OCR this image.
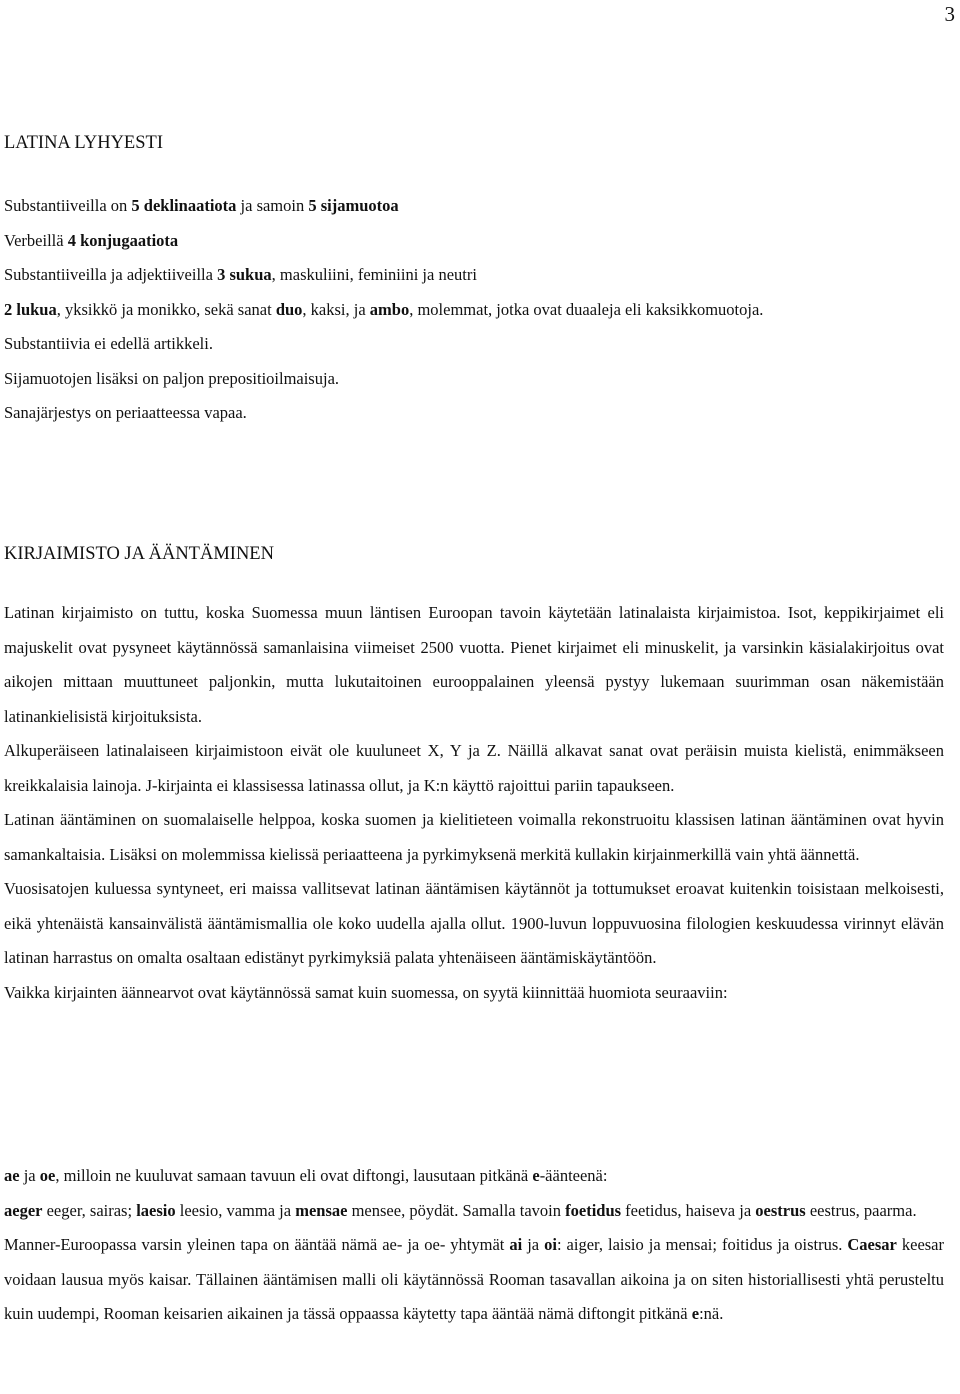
3

LATINA LYHYESTI

Substantiiveilla on 5 deklinaatiota ja samoin 5 sijamuotoa

Verbeillä 4 konjugaatiota

Substantiiveilla ja adjektiiveilla 3 sukua, maskuliini, feminiini ja neutri

2 lukua, yksikkö ja monikko, sekä sanat duo, kaksi, ja ambo, molemmat, jotka ovat duaaleja eli kaksikkomuotoja.

Substantiivia ei edellä artikkeli.

Sijamuotojen lisäksi on paljon prepositioilmaisuja.

Sanajärjestys on periaatteessa vapaa.

KIRJAIMISTO JA ÄÄNTÄMINEN

Latinan kirjaimisto on tuttu, koska Suomessa muun läntisen Euroopan tavoin käytetään latinalaista kirjaimistoa. Isot, keppikirjaimet eli majuskelit ovat pysyneet käytännössä samanlaisina viimeiset 2500 vuotta. Pienet kirjaimet eli minuskelit, ja varsinkin käsialakirjoitus ovat aikojen mittaan muuttuneet paljonkin, mutta lukutaitoinen eurooppalainen yleensä pystyy lukemaan suurimman osan näkemistään latinankielisistä kirjoituksista.

Alkuperäiseen latinalaiseen kirjaimistoon eivät ole kuuluneet X, Y ja Z. Näillä alkavat sanat ovat peräisin muista kielistä, enimmäkseen kreikkalaisia lainoja. J-kirjainta ei klassisessa latinassa ollut, ja K:n käyttö rajoittui pariin tapaukseen.

Latinan ääntäminen on suomalaiselle helppoa, koska suomen ja kielitieteen voimalla rekonstruoitu klassisen latinan ääntäminen ovat hyvin samankaltaisia. Lisäksi on molemmissa kielissä periaatteena ja pyrkimyksenä merkitä kullakin kirjainmerkillä vain yhtä äännettä.

Vuosisatojen kuluessa syntyneet, eri maissa vallitsevat latinan ääntämisen käytännöt ja tottumukset eroavat kuitenkin toisistaan melkoisesti, eikä yhtenäistä kansainvälistä ääntämismallia ole koko uudella ajalla ollut. 1900-luvun loppuvuosina filologien keskuudessa virinnyt elävän latinan harrastus on omalta osaltaan edistänyt pyrkimyksiä palata yhtenäiseen ääntämiskäytäntöön.

Vaikka kirjainten äännearvot ovat käytännössä samat kuin suomessa, on syytä kiinnittää huomiota seuraaviin:

ae ja oe, milloin ne kuuluvat samaan tavuun eli ovat diftongi, lausutaan pitkänä e-äänteenä:

aeger eeger, sairas; laesio leesio, vamma ja mensae mensee, pöydät. Samalla tavoin foetidus feetidus, haiseva ja oestrus eestrus, paarma.

Manner-Euroopassa varsin yleinen tapa on ääntää nämä ae- ja oe- yhtymät ai ja oi: aiger, laisio ja mensai; foitidus ja oistrus. Caesar keesar voidaan lausua myös kaisar. Tällainen ääntämisen malli oli käytännössä Rooman tasavallan aikoina ja on siten historiallisesti yhtä perusteltu kuin uudempi, Rooman keisarien aikainen ja tässä oppaassa käytetty tapa ääntää nämä diftongit pitkänä e:nä.
